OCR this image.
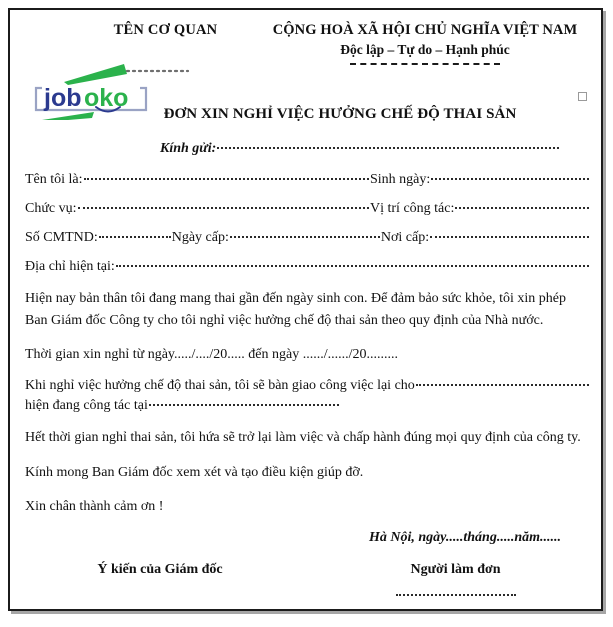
TÊN CƠ QUAN	CỘNG HOÀ XÃ HỘI CHỦ NGHĨA VIỆT NAM
Độc lập – Tự do – Hạnh phúc
job oko
ĐƠN XIN NGHỈ VIỆC HƯỞNG CHẾ ĐỘ THAI SẢN
Kính gửi:
Tên tôi là:	Sinh ngày:
Chức vụ:	Vị trí công tác:
Số CMTND:	Ngày cấp:	Nơi cấp:
Địa chỉ hiện tại:

Hiện nay bản thân tôi đang mang thai gần đến ngày sinh con. Để đảm bảo sức khỏe, tôi xin phép Ban Giám đốc Công ty cho tôi nghỉ việc hưởng chế độ thai sản theo quy định của Nhà nước.

Thời gian xin nghỉ từ ngày...../..../20..... đến ngày ....../....../20.........

Khi nghỉ việc hưởng chế độ thai sản, tôi sẽ bàn giao công việc lại cho
hiện đang công tác tại

Hết thời gian nghỉ thai sản, tôi hứa sẽ trở lại làm việc và chấp hành đúng mọi quy định của công ty.

Kính mong Ban Giám đốc xem xét và tạo điều kiện giúp đỡ.

Xin chân thành cảm ơn !

Hà Nội, ngày.....tháng.....năm......
Ý kiến của Giám đốc	Người làm đơn
